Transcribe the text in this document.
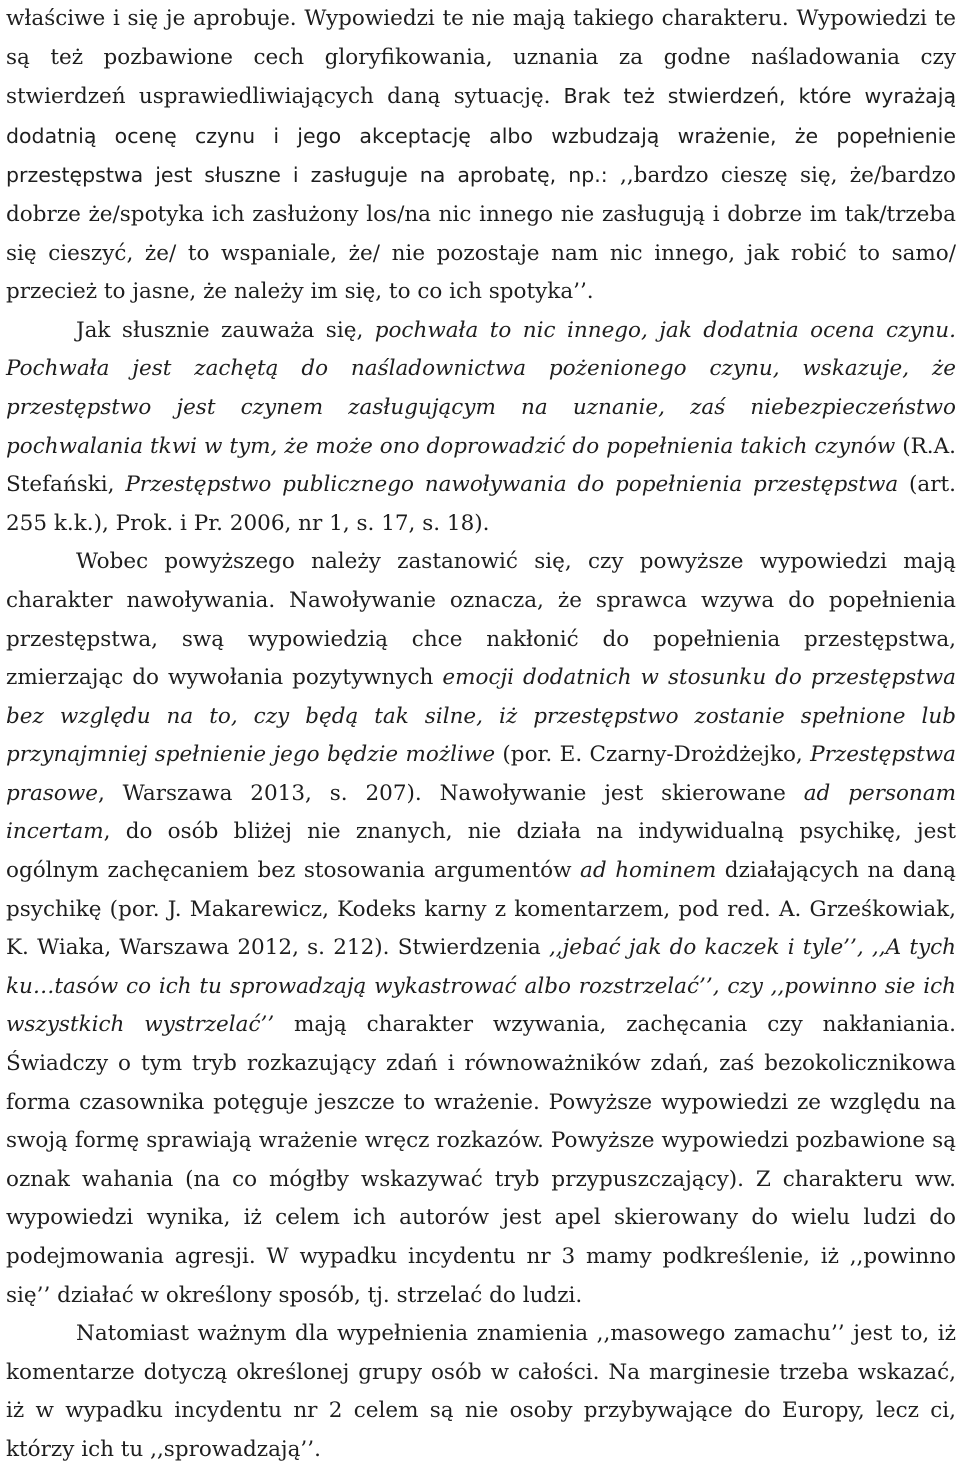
właściwe i się je aprobuje. Wypowiedzi te nie mają takiego charakteru. Wypowiedzi te są też pozbawione cech gloryfikowania, uznania za godne naśladowania czy stwierdzeń usprawiedliwiających daną sytuację. Brak też stwierdzeń, które wyrażają dodatnią ocenę czynu i jego akceptację albo wzbudzają wrażenie, że popełnienie przestępstwa jest słuszne i zasługuje na aprobatę, np.: ,,bardzo cieszę się, że/bardzo dobrze że/spotyka ich zasłużony los/na nic innego nie zasługują i dobrze im tak/trzeba się cieszyć, że/ to wspaniale, że/ nie pozostaje nam nic innego, jak robić to samo/ przecież to jasne, że należy im się, to co ich spotyka’’.

Jak słusznie zauważa się, pochwała to nic innego, jak dodatnia ocena czynu. Pochwała jest zachętą do naśladownictwa pożenionego czynu, wskazuje, że przestępstwo jest czynem zasługującym na uznanie, zaś niebezpieczeństwo pochwalania tkwi w tym, że może ono doprowadzić do popełnienia takich czynów (R.A. Stefański, Przestępstwo publicznego nawoływania do popełnienia przestępstwa (art. 255 k.k.), Prok. i Pr. 2006, nr 1, s. 17, s. 18).

Wobec powyższego należy zastanowić się, czy powyższe wypowiedzi mają charakter nawoływania. Nawoływanie oznacza, że sprawca wzywa do popełnienia przestępstwa, swą wypowiedzią chce nakłonić do popełnienia przestępstwa, zmierzając do wywołania pozytywnych emocji dodatnich w stosunku do przestępstwa bez względu na to, czy będą tak silne, iż przestępstwo zostanie spełnione lub przynajmniej spełnienie jego będzie możliwe (por. E. Czarny-Drożdżejko, Przestępstwa prasowe, Warszawa 2013, s. 207). Nawoływanie jest skierowane ad personam incertam, do osób bliżej nie znanych, nie działa na indywidualną psychikę, jest ogólnym zachęcaniem bez stosowania argumentów ad hominem działających na daną psychikę (por. J. Makarewicz, Kodeks karny z komentarzem, pod red. A. Grześkowiak, K. Wiaka, Warszawa 2012, s. 212). Stwierdzenia ,,jebać jak do kaczek i tyle’’, ,,A tych ku…tasów co ich tu sprowadzają wykastrować albo rozstrzelać’’, czy ,,powinno sie ich wszystkich wystrzelać’’ mają charakter wzywania, zachęcania czy nakłaniania. Świadczy o tym tryb rozkazujący zdań i równoważników zdań, zaś bezokolicznikowa forma czasownika potęguje jeszcze to wrażenie. Powyższe wypowiedzi ze względu na swoją formę sprawiają wrażenie wręcz rozkazów. Powyższe wypowiedzi pozbawione są oznak wahania (na co mógłby wskazywać tryb przypuszczający). Z charakteru ww. wypowiedzi wynika, iż celem ich autorów jest apel skierowany do wielu ludzi do podejmowania agresji. W wypadku incydentu nr 3 mamy podkreślenie, iż ,,powinno się’’ działać w określony sposób, tj. strzelać do ludzi.

Natomiast ważnym dla wypełnienia znamienia ,,masowego zamachu’’ jest to, iż komentarze dotyczą określonej grupy osób w całości. Na marginesie trzeba wskazać, iż w wypadku incydentu nr 2 celem są nie osoby przybywające do Europy, lecz ci, którzy ich tu ,,sprowadzają’’.
